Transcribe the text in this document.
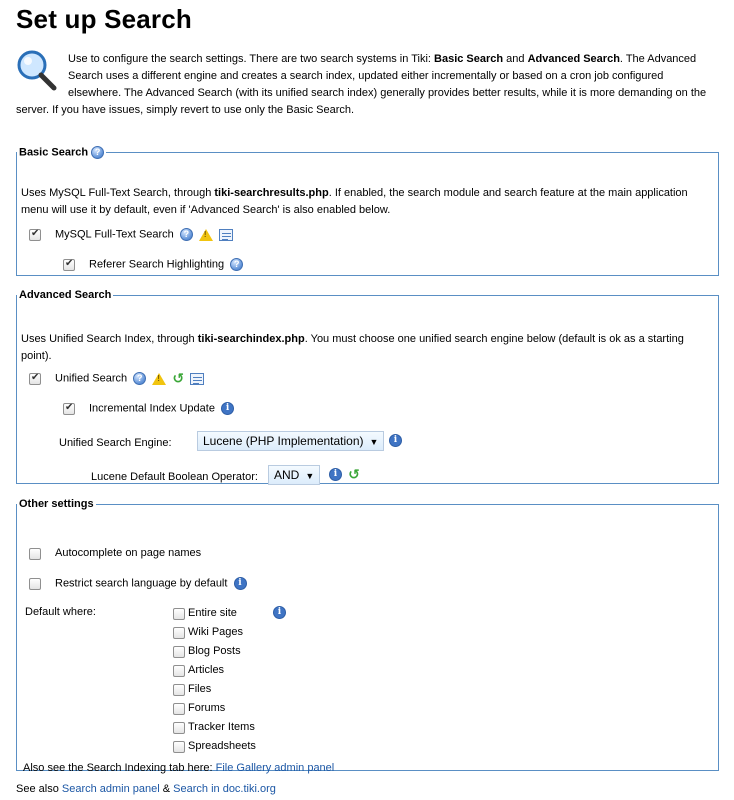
Set up Search

Use to configure the search settings. There are two search systems in Tiki: Basic Search and Advanced Search. The Advanced Search uses a different engine and creates a search index, updated either incrementally or based on a cron job configured elsewhere. The Advanced Search (with its unified search index) generally provides better results, while it is more demanding on the server. If you have issues, simply revert to use only the Basic Search.

Basic Search ?
Uses MySQL Full-Text Search, through tiki-searchresults.php. If enabled, the search module and search feature at the main application menu will use it by default, even if 'Advanced Search' is also enabled below.
✔
MySQL Full-Text Search ? !
✔
Referer Search Highlighting ?
Advanced Search
Uses Unified Search Index, through tiki-searchindex.php. You must choose one unified search engine below (default is ok as a starting point).
✔
Unified Search ? ! ↺
✔
Incremental Index Update i
Unified Search Engine:	Lucene (PHP Implementation) ▼	i
Lucene Default Boolean Operator:	AND ▼	i ↺
Other settings
Autocomplete on page names
Restrict search language by default i
Default where:	i
Entire site
Wiki Pages
Blog Posts
Articles
Files
Forums
Tracker Items
Spreadsheets
Also see the Search Indexing tab here: File Gallery admin panel
See also Search admin panel & Search in doc.tiki.org
